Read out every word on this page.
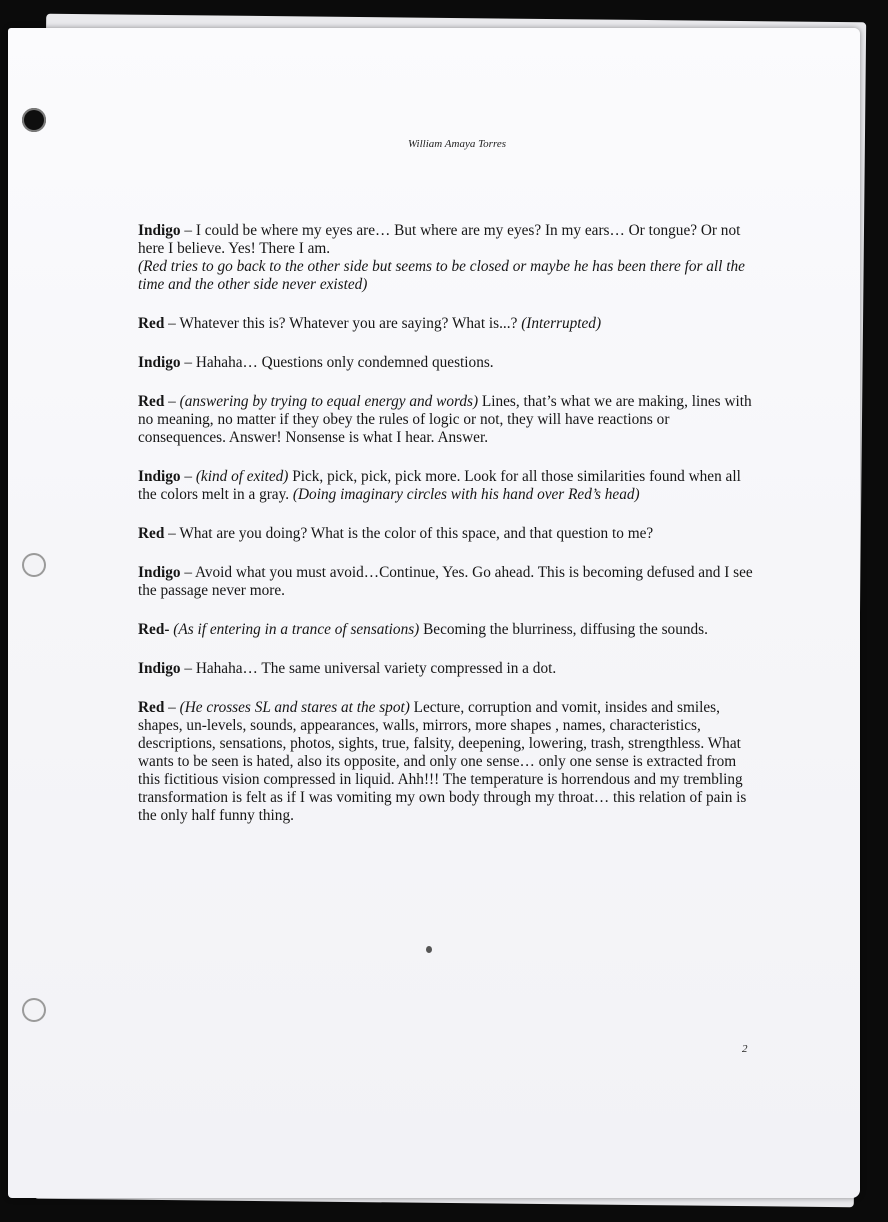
William Amaya Torres

Indigo – I could be where my eyes are… But where are my eyes? In my ears… Or tongue? Or not here I believe. Yes! There I am.
(Red tries to go back to the other side but seems to be closed or maybe he has been there for all the time and the other side never existed)

Red – Whatever this is? Whatever you are saying? What is...? (Interrupted)

Indigo – Hahaha… Questions only condemned questions.

Red – (answering by trying to equal energy and words) Lines, that’s what we are making, lines with no meaning, no matter if they obey the rules of logic or not, they will have reactions or consequences. Answer! Nonsense is what I hear. Answer.

Indigo – (kind of exited) Pick, pick, pick, pick more. Look for all those similarities found when all the colors melt in a gray. (Doing imaginary circles with his hand over Red’s head)

Red – What are you doing? What is the color of this space, and that question to me?

Indigo – Avoid what you must avoid…Continue, Yes. Go ahead. This is becoming defused and I see the passage never more.

Red- (As if entering in a trance of sensations) Becoming the blurriness, diffusing the sounds.

Indigo – Hahaha… The same universal variety compressed in a dot.

Red – (He crosses SL and stares at the spot) Lecture, corruption and vomit, insides and smiles, shapes, un-levels, sounds, appearances, walls, mirrors, more shapes , names, characteristics, descriptions, sensations, photos, sights, true, falsity, deepening, lowering, trash, strengthless. What wants to be seen is hated, also its opposite, and only one sense… only one sense is extracted from this fictitious vision compressed in liquid. Ahh!!! The temperature is horrendous and my trembling transformation is felt as if I was vomiting my own body through my throat… this relation of pain is the only half funny thing.

2
